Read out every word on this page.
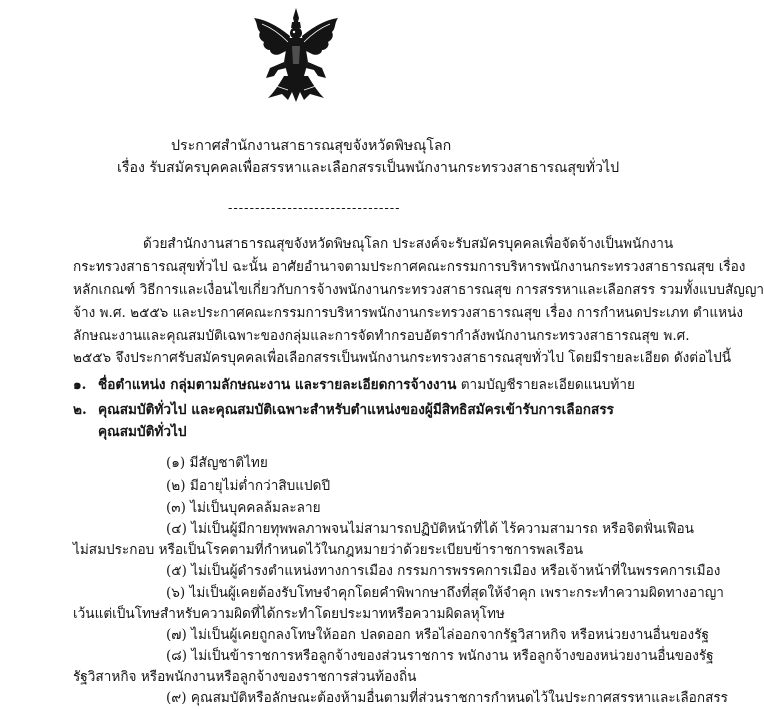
ประกาศสำนักงานสาธารณสุขจังหวัดพิษณุโลก
เรื่อง รับสมัครบุคคลเพื่อสรรหาและเลือกสรรเป็นพนักงานกระทรวงสาธารณสุขทั่วไป
--------------------------------
ด้วยสำนักงานสาธารณสุขจังหวัดพิษณุโลก ประสงค์จะรับสมัครบุคคลเพื่อจัดจ้างเป็นพนักงาน
กระทรวงสาธารณสุขทั่วไป ฉะนั้น อาศัยอำนาจตามประกาศคณะกรรมการบริหารพนักงานกระทรวงสาธารณสุข เรื่อง
หลักเกณฑ์ วิธีการและเงื่อนไขเกี่ยวกับการจ้างพนักงานกระทรวงสาธารณสุข การสรรหาและเลือกสรร รวมทั้งแบบสัญญา
จ้าง พ.ศ. ๒๕๕๖ และประกาศคณะกรรมการบริหารพนักงานกระทรวงสาธารณสุข เรื่อง การกำหนดประเภท ตำแหน่ง
ลักษณะงานและคุณสมบัติเฉพาะของกลุ่มและการจัดทำกรอบอัตรากำลังพนักงานกระทรวงสาธารณสุข พ.ศ.
๒๕๕๖ จึงประกาศรับสมัครบุคคลเพื่อเลือกสรรเป็นพนักงานกระทรวงสาธารณสุขทั่วไป โดยมีรายละเอียด ดังต่อไปนี้
๑. ชื่อตำแหน่ง กลุ่มตามลักษณะงาน และรายละเอียดการจ้างงาน ตามบัญชีรายละเอียดแนบท้าย
๒. คุณสมบัติทั่วไป และคุณสมบัติเฉพาะสำหรับตำแหน่งของผู้มีสิทธิสมัครเข้ารับการเลือกสรร
คุณสมบัติทั่วไป
(๑) มีสัญชาติไทย
(๒) มีอายุไม่ต่ำกว่าสิบแปดปี
(๓) ไม่เป็นบุคคลล้มละลาย
(๔) ไม่เป็นผู้มีกายทุพพลภาพจนไม่สามารถปฏิบัติหน้าที่ได้ ไร้ความสามารถ หรือจิตฟั่นเฟือน
ไม่สมประกอบ หรือเป็นโรคตามที่กำหนดไว้ในกฎหมายว่าด้วยระเบียบข้าราชการพลเรือน
(๕) ไม่เป็นผู้ดำรงตำแหน่งทางการเมือง กรรมการพรรคการเมือง หรือเจ้าหน้าที่ในพรรคการเมือง
(๖) ไม่เป็นผู้เคยต้องรับโทษจำคุกโดยคำพิพากษาถึงที่สุดให้จำคุก เพราะกระทำความผิดทางอาญา
เว้นแต่เป็นโทษสำหรับความผิดที่ได้กระทำโดยประมาทหรือความผิดลหุโทษ
(๗) ไม่เป็นผู้เคยถูกลงโทษให้ออก ปลดออก หรือไล่ออกจากรัฐวิสาหกิจ หรือหน่วยงานอื่นของรัฐ
(๘) ไม่เป็นข้าราชการหรือลูกจ้างของส่วนราชการ พนักงาน หรือลูกจ้างของหน่วยงานอื่นของรัฐ
รัฐวิสาหกิจ หรือพนักงานหรือลูกจ้างของราชการส่วนท้องถิ่น
(๙) คุณสมบัติหรือลักษณะต้องห้ามอื่นตามที่ส่วนราชการกำหนดไว้ในประกาศสรรหาและเลือกสรร
